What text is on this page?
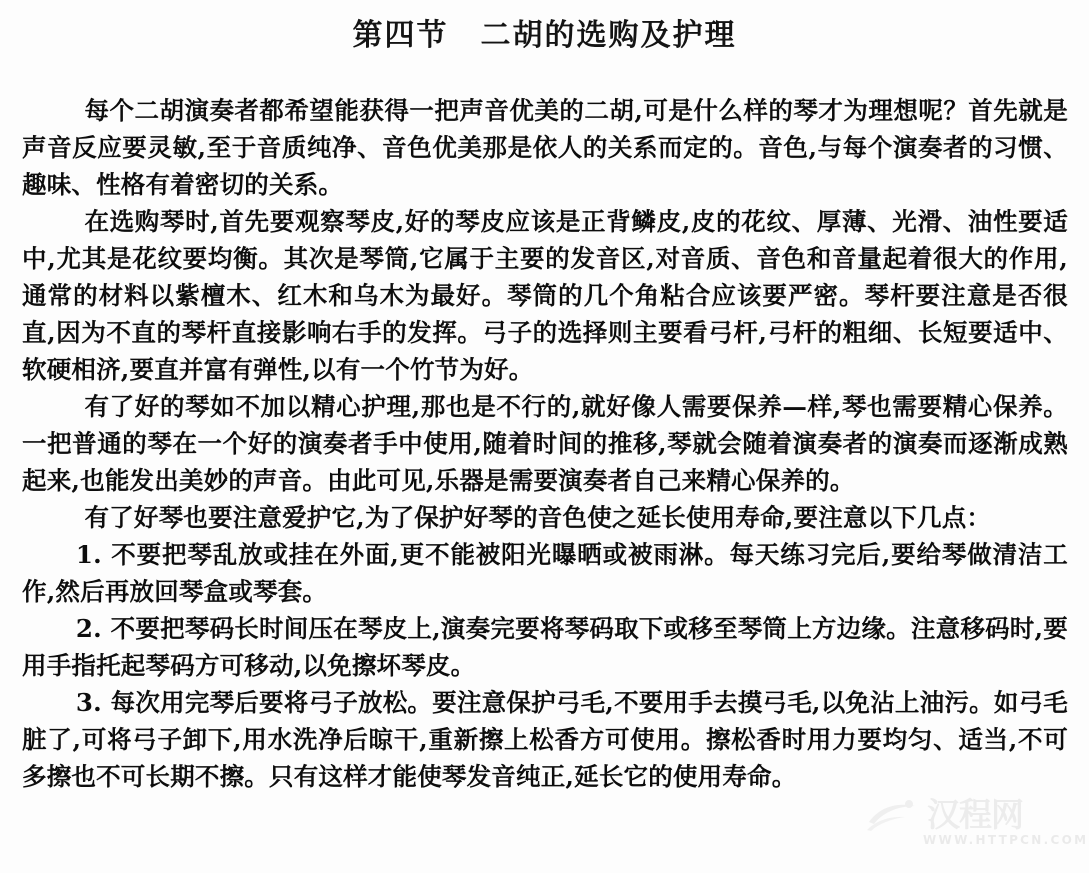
第四节　二胡的选购及护理

每个二胡演奏者都希望能获得一把声音优美的二胡,可是什么样的琴才为理想呢？首先就是声音反应要灵敏,至于音质纯净、音色优美那是依人的关系而定的。音色,与每个演奏者的习惯、趣味、性格有着密切的关系。

在选购琴时,首先要观察琴皮,好的琴皮应该是正背鳞皮,皮的花纹、厚薄、光滑、油性要适中,尤其是花纹要均衡。其次是琴筒,它属于主要的发音区,对音质、音色和音量起着很大的作用,通常的材料以紫檀木、红木和乌木为最好。琴筒的几个角粘合应该要严密。琴杆要注意是否很直,因为不直的琴杆直接影响右手的发挥。弓子的选择则主要看弓杆,弓杆的粗细、长短要适中、软硬相济,要直并富有弹性,以有一个竹节为好。

有了好的琴如不加以精心护理,那也是不行的,就好像人需要保养—样,琴也需要精心保养。一把普通的琴在一个好的演奏者手中使用,随着时间的推移,琴就会随着演奏者的演奏而逐渐成熟起来,也能发出美妙的声音。由此可见,乐器是需要演奏者自己来精心保养的。

有了好琴也要注意爱护它,为了保护好琴的音色使之延长使用寿命,要注意以下几点：

1. 不要把琴乱放或挂在外面,更不能被阳光曝晒或被雨淋。每天练习完后,要给琴做清洁工作,然后再放回琴盒或琴套。

2. 不要把琴码长时间压在琴皮上,演奏完要将琴码取下或移至琴筒上方边缘。注意移码时,要用手指托起琴码方可移动,以免擦坏琴皮。

3. 每次用完琴后要将弓子放松。要注意保护弓毛,不要用手去摸弓毛,以免沾上油污。如弓毛脏了,可将弓子卸下,用水洗净后晾干,重新擦上松香方可使用。擦松香时用力要均匀、适当,不可多擦也不可长期不擦。只有这样才能使琴发音纯正,延长它的使用寿命。

汉程网
WWW.HTTPCN.COM
